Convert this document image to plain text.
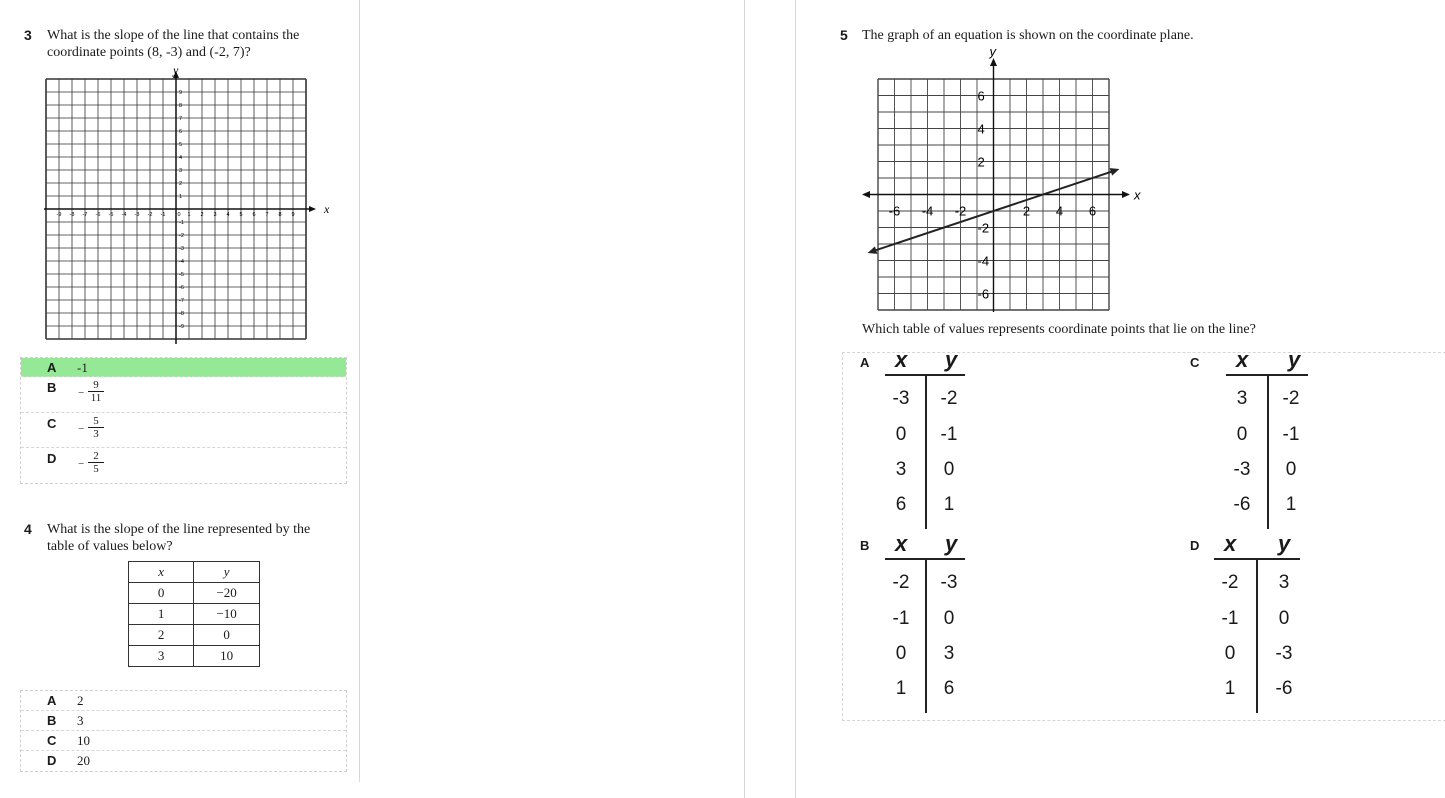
3 What is the slope of the line that contains the
coordinate points (8, -3) and (-2, 7)?
x
y
-9 -8 -7 -6 -5 -4 -3 -2 -1 0 1 2 3 4 5 6 7 8 9
9
8
7
6
5
4
3
2
1
-1
-2
-3
-4
-5
-6
-7
-8
-9
A -1
B −
9
11
C −
5
3
D −
2
5
4 What is the slope of the line represented by the
table of values below?
x	y
0	−20
1	−10
2	0
3	10
A 2
B 3
C 10
D 20
5 The graph of an equation is shown on the coordinate plane.
x
y
-6 -4 -2	2 4 6
6
4
2
-2
-4
-6
Which table of values represents coordinate points that lie on the line?
A x y
-3	-2
0	-1
3	0
6	1
C x y
3	-2
0	-1
-3	0
-6	1
B x y
-2	-3
-1	0
0	3
1	6
D x y
-2	3
-1	0
0	-3
1	-6
